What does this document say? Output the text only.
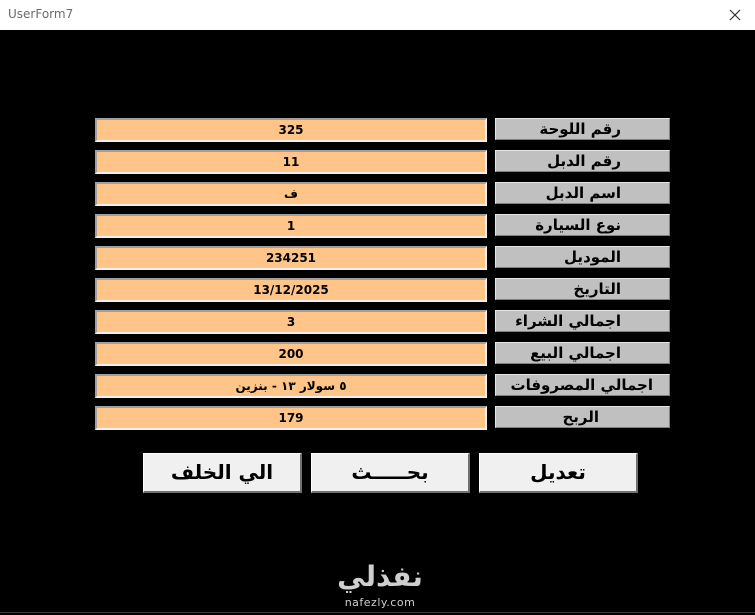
UserForm7
325
رقم اللوحة
11
رقم الدبل
ف
اسم الدبل
1
نوع السيارة
234251
الموديل
13/12/2025
التاريخ
3
اجمالي الشراء
200
اجمالي البيع
٥ سولار ١٣ - بنزين
اجمالي المصروفات
179
الربح
الي الخلف	بحـــــث	تعديل
نفذلي
nafezly.com
